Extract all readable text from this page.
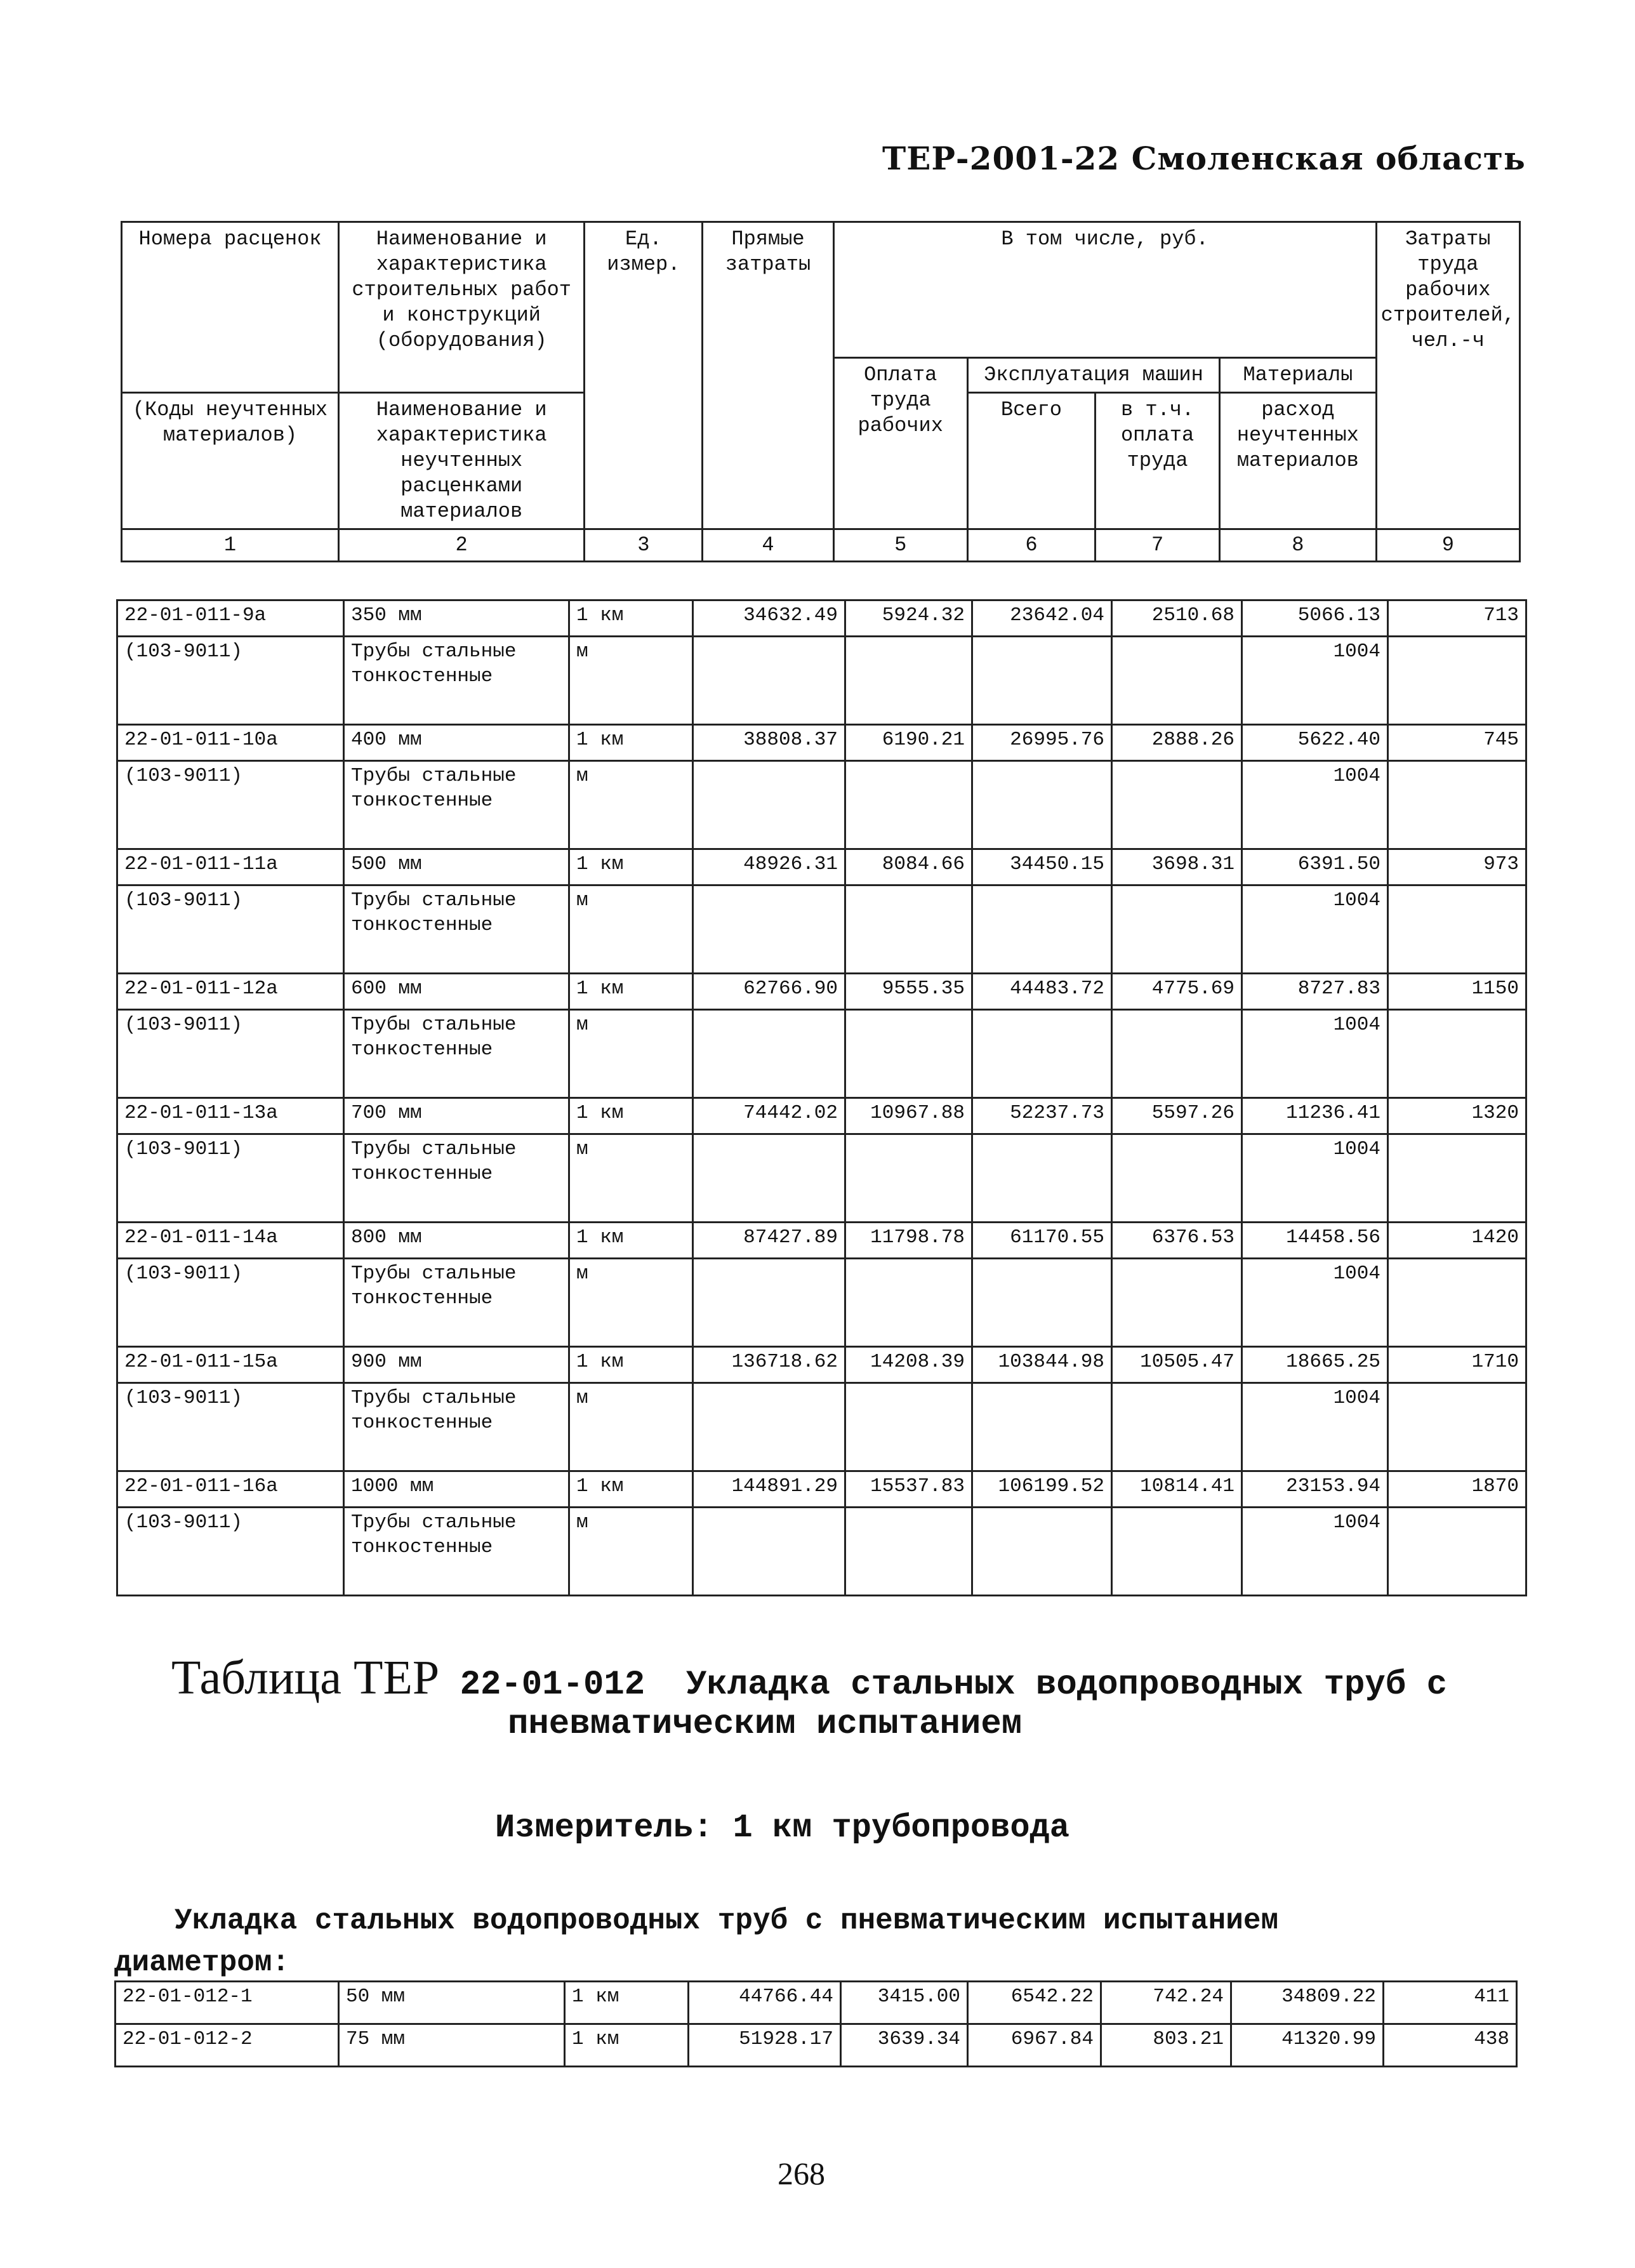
ТЕР-2001-22 Смоленская область
Номера расценок	Наименование и характеристика строительных работ и конструкций (оборудования)	Ед. измер.	Прямые затраты	В том числе, руб.				Затраты труда рабочих строителей, чел.-ч
				Оплата труда рабочих	Эксплуатация машин		Материалы	
(Коды неучтенных материалов)	Наименование и характеристика неучтенных расценками материалов				Всего	в т.ч. оплата труда	расход неучтенных материалов	
1	2	3	4	5	6	7	8	9
22-01-011-9а	350 мм	1 км	34632.49	5924.32	23642.04	2510.68	5066.13	713
(103-9011)	Трубы стальные тонкостенные	м					1004	
22-01-011-10а	400 мм	1 км	38808.37	6190.21	26995.76	2888.26	5622.40	745
(103-9011)	Трубы стальные тонкостенные	м					1004	
22-01-011-11а	500 мм	1 км	48926.31	8084.66	34450.15	3698.31	6391.50	973
(103-9011)	Трубы стальные тонкостенные	м					1004	
22-01-011-12а	600 мм	1 км	62766.90	9555.35	44483.72	4775.69	8727.83	1150
(103-9011)	Трубы стальные тонкостенные	м					1004	
22-01-011-13а	700 мм	1 км	74442.02	10967.88	52237.73	5597.26	11236.41	1320
(103-9011)	Трубы стальные тонкостенные	м					1004	
22-01-011-14а	800 мм	1 км	87427.89	11798.78	61170.55	6376.53	14458.56	1420
(103-9011)	Трубы стальные тонкостенные	м					1004	
22-01-011-15а	900 мм	1 км	136718.62	14208.39	103844.98	10505.47	18665.25	1710
(103-9011)	Трубы стальные тонкостенные	м					1004	
22-01-011-16а	1000 мм	1 км	144891.29	15537.83	106199.52	10814.41	23153.94	1870
(103-9011)	Трубы стальные тонкостенные	м					1004	
Таблица ТЕР 22-01-012 Укладка стальных водопроводных труб с
пневматическим испытанием
Измеритель: 1 км трубопровода
Укладка стальных водопроводных труб с пневматическим испытанием
диаметром:
22-01-012-1	50 мм	1 км	44766.44	3415.00	6542.22	742.24	34809.22	411
22-01-012-2	75 мм	1 км	51928.17	3639.34	6967.84	803.21	41320.99	438
268
